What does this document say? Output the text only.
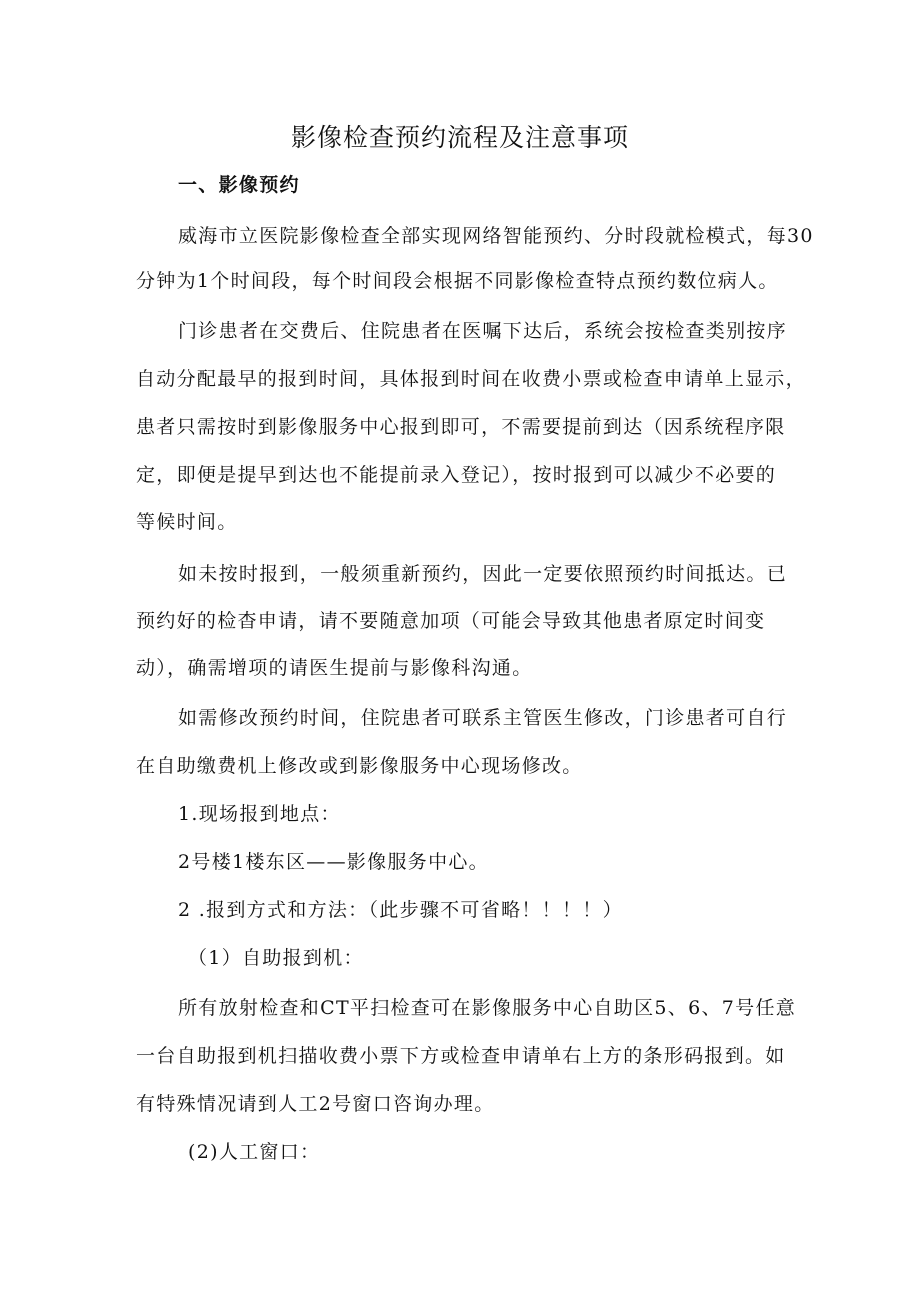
影像检查预约流程及注意事项
一、影像预约
威海市立医院影像检查全部实现网络智能预约、分时段就检模式，每30
分钟为1个时间段，每个时间段会根据不同影像检查特点预约数位病人。
门诊患者在交费后、住院患者在医嘱下达后，系统会按检查类别按序
自动分配最早的报到时间，具体报到时间在收费小票或检查申请单上显示，
患者只需按时到影像服务中心报到即可，不需要提前到达（因系统程序限
定，即便是提早到达也不能提前录入登记），按时报到可以减少不必要的
等候时间。
如未按时报到，一般须重新预约，因此一定要依照预约时间抵达。已
预约好的检杳申请，请不要随意加项（可能会导致其他患者原定时间变
动），确需增项的请医生提前与影像科沟通。
如需修改预约时间，住院患者可联系主管医生修改，门诊患者可自行
在自助缴费机上修改或到影像服务中心现场修改。
1.现场报到地点：
2号楼1楼东区——影像服务中心。
2 .报到方式和方法：（此步骤不可省略！！！！）
（1）自助报到机：
所有放射检查和CT平扫检查可在影像服务中心自助区5、6、7号任意
一台自助报到机扫描收费小票下方或检查申请单右上方的条形码报到。如
有特殊情况请到人工2号窗口咨询办理。
(2)人工窗口：
